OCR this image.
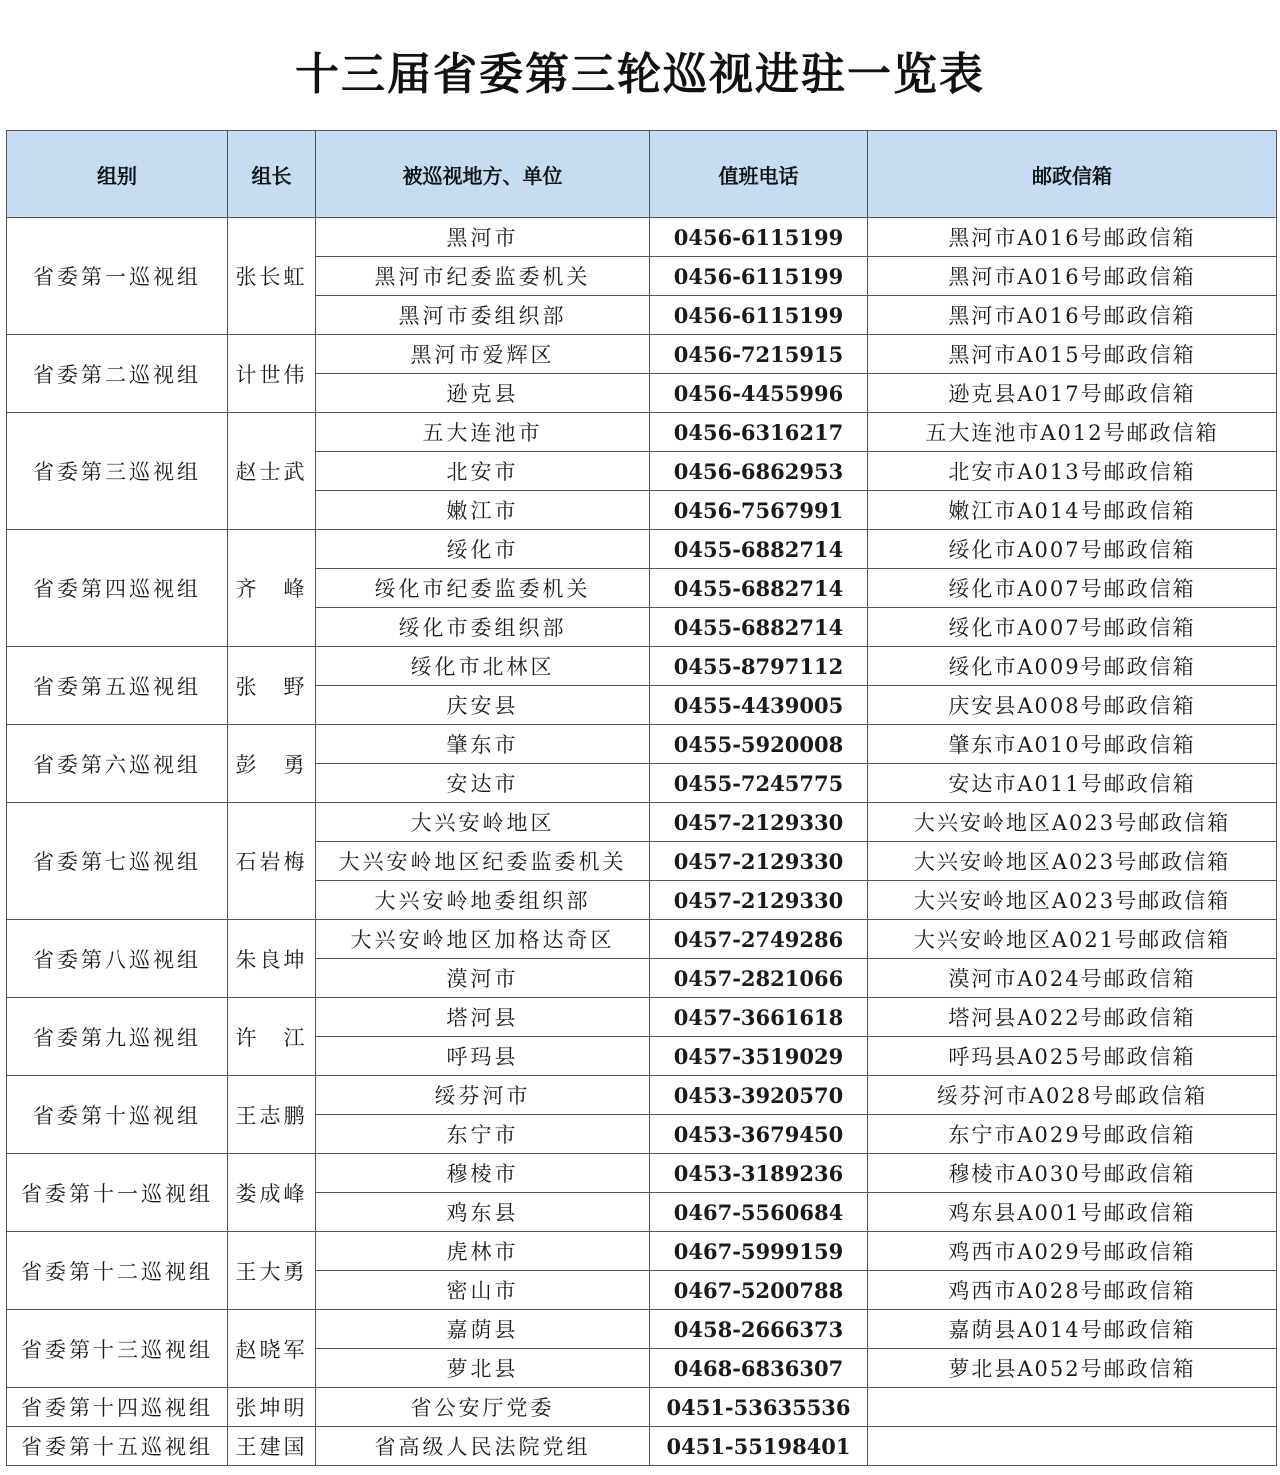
十三届省委第三轮巡视进驻一览表
组别	组长	被巡视地方、单位	值班电话	邮政信箱
省委第一巡视组	张长虹	黑河市	0456-6115199	黑河市A016号邮政信箱
		黑河市纪委监委机关	0456-6115199	黑河市A016号邮政信箱
		黑河市委组织部	0456-6115199	黑河市A016号邮政信箱
省委第二巡视组	计世伟	黑河市爱辉区	0456-7215915	黑河市A015号邮政信箱
		逊克县	0456-4455996	逊克县A017号邮政信箱
省委第三巡视组	赵士武	五大连池市	0456-6316217	五大连池市A012号邮政信箱
		北安市	0456-6862953	北安市A013号邮政信箱
		嫩江市	0456-7567991	嫩江市A014号邮政信箱
省委第四巡视组	齐　峰	绥化市	0455-6882714	绥化市A007号邮政信箱
		绥化市纪委监委机关	0455-6882714	绥化市A007号邮政信箱
		绥化市委组织部	0455-6882714	绥化市A007号邮政信箱
省委第五巡视组	张　野	绥化市北林区	0455-8797112	绥化市A009号邮政信箱
		庆安县	0455-4439005	庆安县A008号邮政信箱
省委第六巡视组	彭　勇	肇东市	0455-5920008	肇东市A010号邮政信箱
		安达市	0455-7245775	安达市A011号邮政信箱
省委第七巡视组	石岩梅	大兴安岭地区	0457-2129330	大兴安岭地区A023号邮政信箱
		大兴安岭地区纪委监委机关	0457-2129330	大兴安岭地区A023号邮政信箱
		大兴安岭地委组织部	0457-2129330	大兴安岭地区A023号邮政信箱
省委第八巡视组	朱良坤	大兴安岭地区加格达奇区	0457-2749286	大兴安岭地区A021号邮政信箱
		漠河市	0457-2821066	漠河市A024号邮政信箱
省委第九巡视组	许　江	塔河县	0457-3661618	塔河县A022号邮政信箱
		呼玛县	0457-3519029	呼玛县A025号邮政信箱
省委第十巡视组	王志鹏	绥芬河市	0453-3920570	绥芬河市A028号邮政信箱
		东宁市	0453-3679450	东宁市A029号邮政信箱
省委第十一巡视组	娄成峰	穆棱市	0453-3189236	穆棱市A030号邮政信箱
		鸡东县	0467-5560684	鸡东县A001号邮政信箱
省委第十二巡视组	王大勇	虎林市	0467-5999159	鸡西市A029号邮政信箱
		密山市	0467-5200788	鸡西市A028号邮政信箱
省委第十三巡视组	赵晓军	嘉荫县	0458-2666373	嘉荫县A014号邮政信箱
		萝北县	0468-6836307	萝北县A052号邮政信箱
省委第十四巡视组	张坤明	省公安厅党委	0451-53635536	
省委第十五巡视组	王建国	省高级人民法院党组	0451-55198401	
